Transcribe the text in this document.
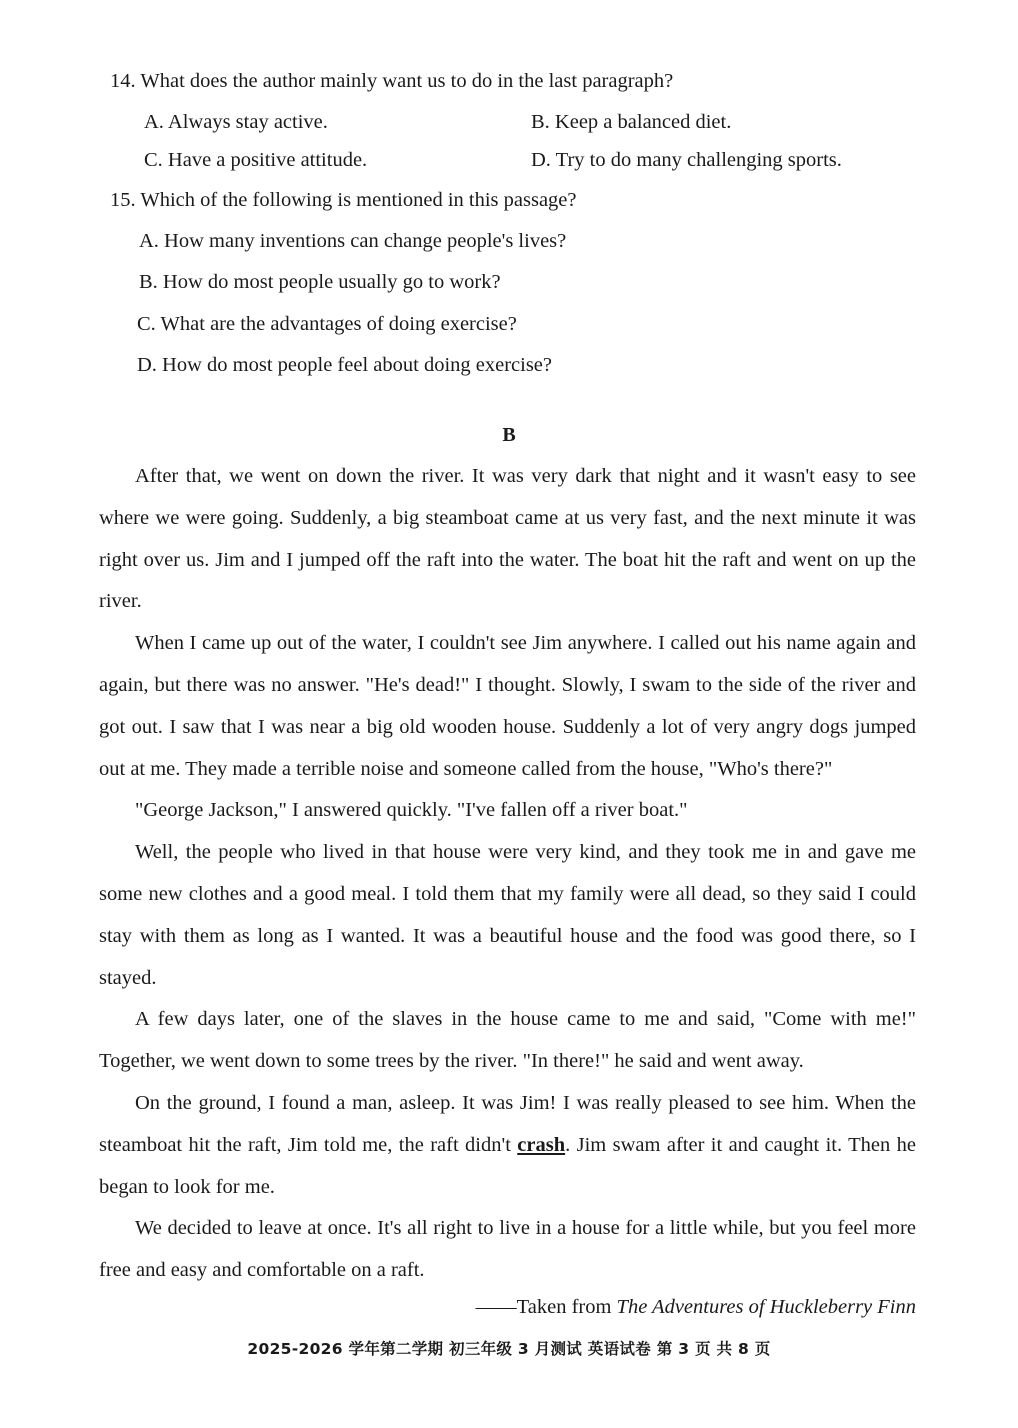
14. What does the author mainly want us to do in the last paragraph?
A. Always stay active.	B. Keep a balanced diet.
C. Have a positive attitude.	D. Try to do many challenging sports.
15. Which of the following is mentioned in this passage?
A. How many inventions can change people's lives?
B. How do most people usually go to work?
C. What are the advantages of doing exercise?
D. How do most people feel about doing exercise?
B

After that, we went on down the river. It was very dark that night and it wasn't easy to see where we were going. Suddenly, a big steamboat came at us very fast, and the next minute it was right over us. Jim and I jumped off the raft into the water. The boat hit the raft and went on up the river.

When I came up out of the water, I couldn't see Jim anywhere. I called out his name again and again, but there was no answer. "He's dead!" I thought. Slowly, I swam to the side of the river and got out. I saw that I was near a big old wooden house. Suddenly a lot of very angry dogs jumped out at me. They made a terrible noise and someone called from the house, "Who's there?"

"George Jackson," I answered quickly. "I've fallen off a river boat."

Well, the people who lived in that house were very kind, and they took me in and gave me some new clothes and a good meal. I told them that my family were all dead, so they said I could stay with them as long as I wanted. It was a beautiful house and the food was good there, so I stayed.

A few days later, one of the slaves in the house came to me and said, "Come with me!" Together, we went down to some trees by the river. "In there!" he said and went away.

On the ground, I found a man, asleep. It was Jim! I was really pleased to see him. When the steamboat hit the raft, Jim told me, the raft didn't crash. Jim swam after it and caught it. Then he began to look for me.

We decided to leave at once. It's all right to live in a house for a little while, but you feel more free and easy and comfortable on a raft.

——Taken from The Adventures of Huckleberry Finn
2025-2026 学年第二学期 初三年级 3 月测试 英语试卷 第 3 页 共 8 页
